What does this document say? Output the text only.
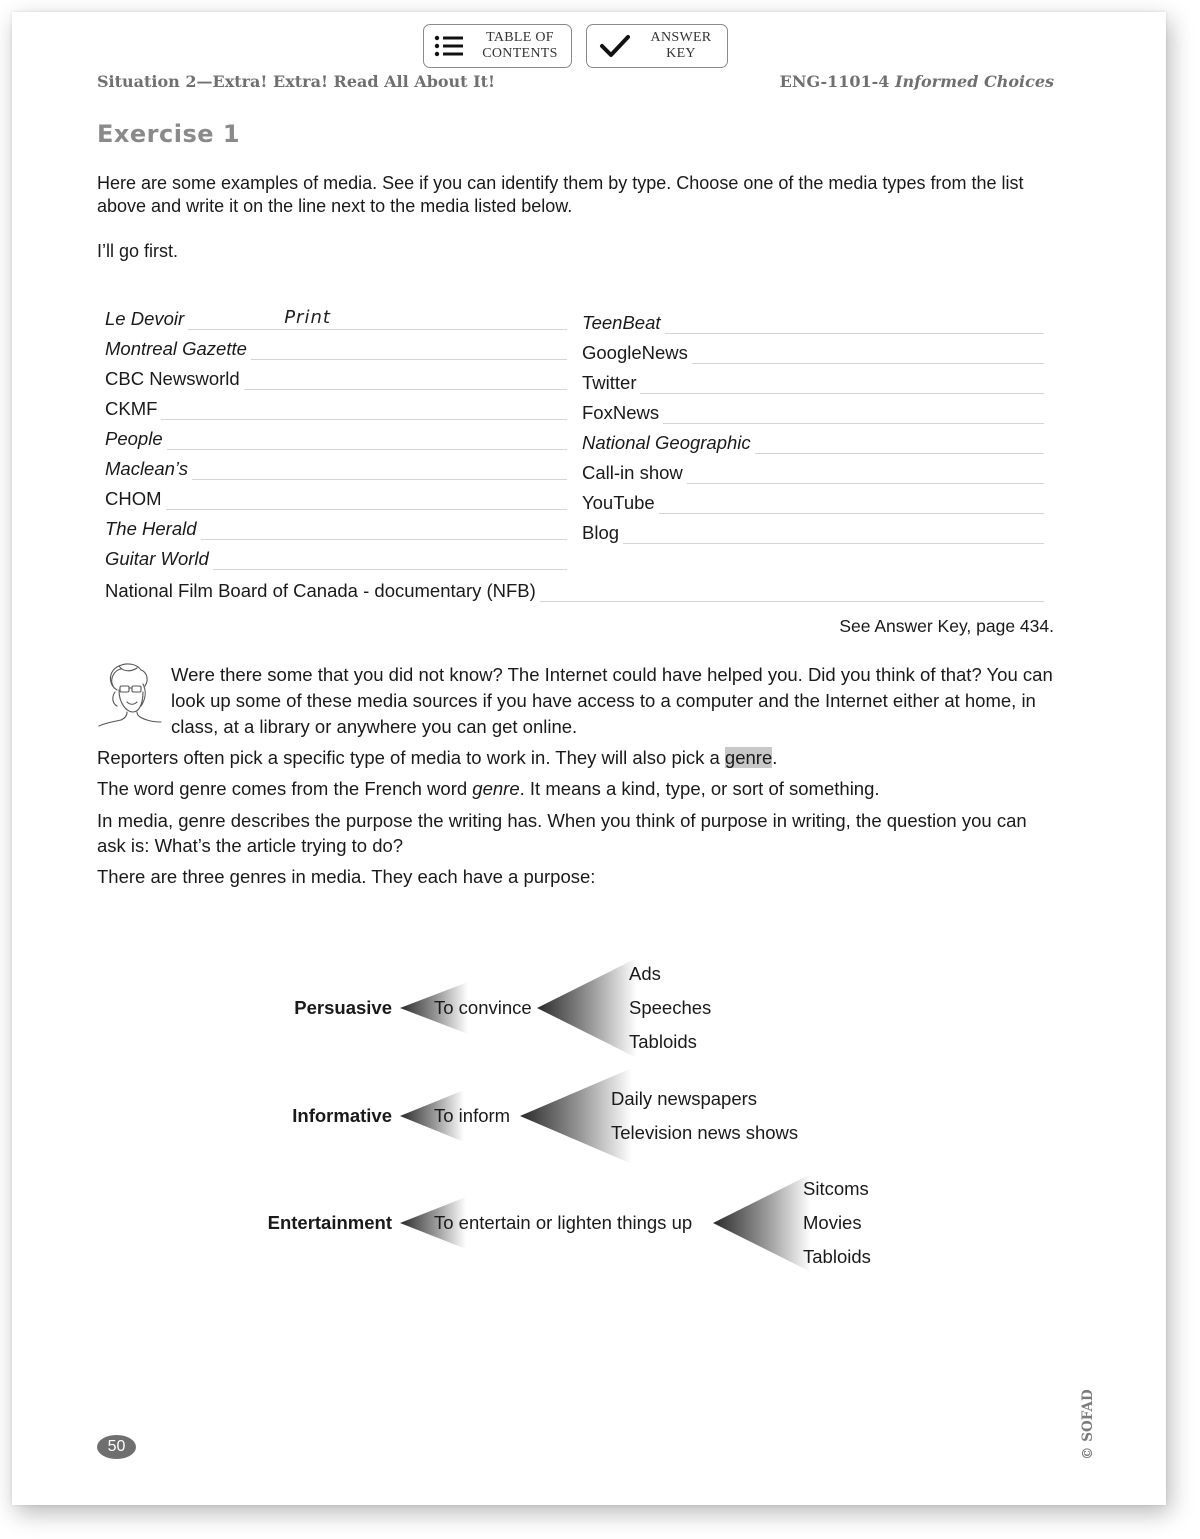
TABLE OF
CONTENTS
ANSWER
KEY
Situation 2—Extra! Extra! Read All About It!	ENG-1101-4 Informed Choices
Exercise 1
Here are some examples of media. See if you can identify them by type. Choose one of the media types from the list above and write it on the line next to the media listed below.
I’ll go first.
Le Devoir	Print
Montreal Gazette
CBC Newsworld
CKMF
People
Maclean’s
CHOM
The Herald
Guitar World
TeenBeat
GoogleNews
Twitter
FoxNews
National Geographic
Call-in show
YouTube
Blog
National Film Board of Canada - documentary (NFB)
See Answer Key, page 434.
Were there some that you did not know? The Internet could have helped you. Did you think of that? You can look up some of these media sources if you have access to a computer and the Internet either at home, in class, at a library or anywhere you can get online.
Reporters often pick a specific type of media to work in. They will also pick a genre.
The word genre comes from the French word genre. It means a kind, type, or sort of something.
In media, genre describes the purpose the writing has. When you think of purpose in writing, the question you can ask is: What’s the article trying to do?
There are three genres in media. They each have a purpose:
Persuasive To convince
Ads
Speeches
Tabloids
Informative To inform
Daily newspapers
Television news shows
Entertainment To entertain or lighten things up
Sitcoms
Movies
Tabloids
50	© SOFAD
